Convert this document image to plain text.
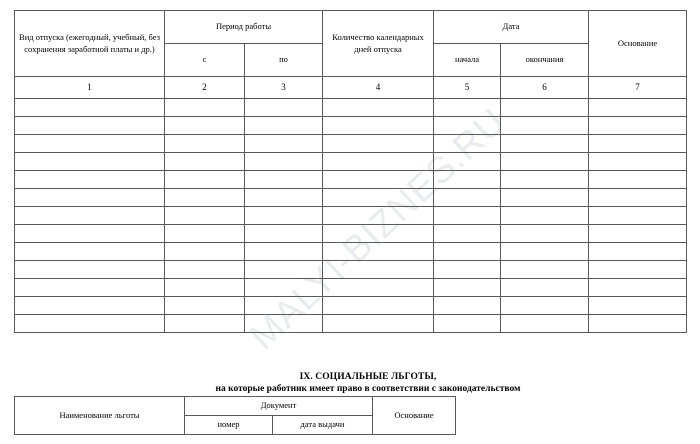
MALYI-BIZNES.RU
Вид отпуска (ежегодный, учебный, без сохранения заработной платы и др.)	Период работы		Количество календарных дней отпуска	Дата		Основание
	с	по		начала	окончания	
1	2	3	4	5	6	7

IX. СОЦИАЛЬНЫЕ ЛЬГОТЫ,
на которые работник имеет право в соответствии с законодательством
Наименование льготы	Документ		Основание
	номер	дата выдачи	
